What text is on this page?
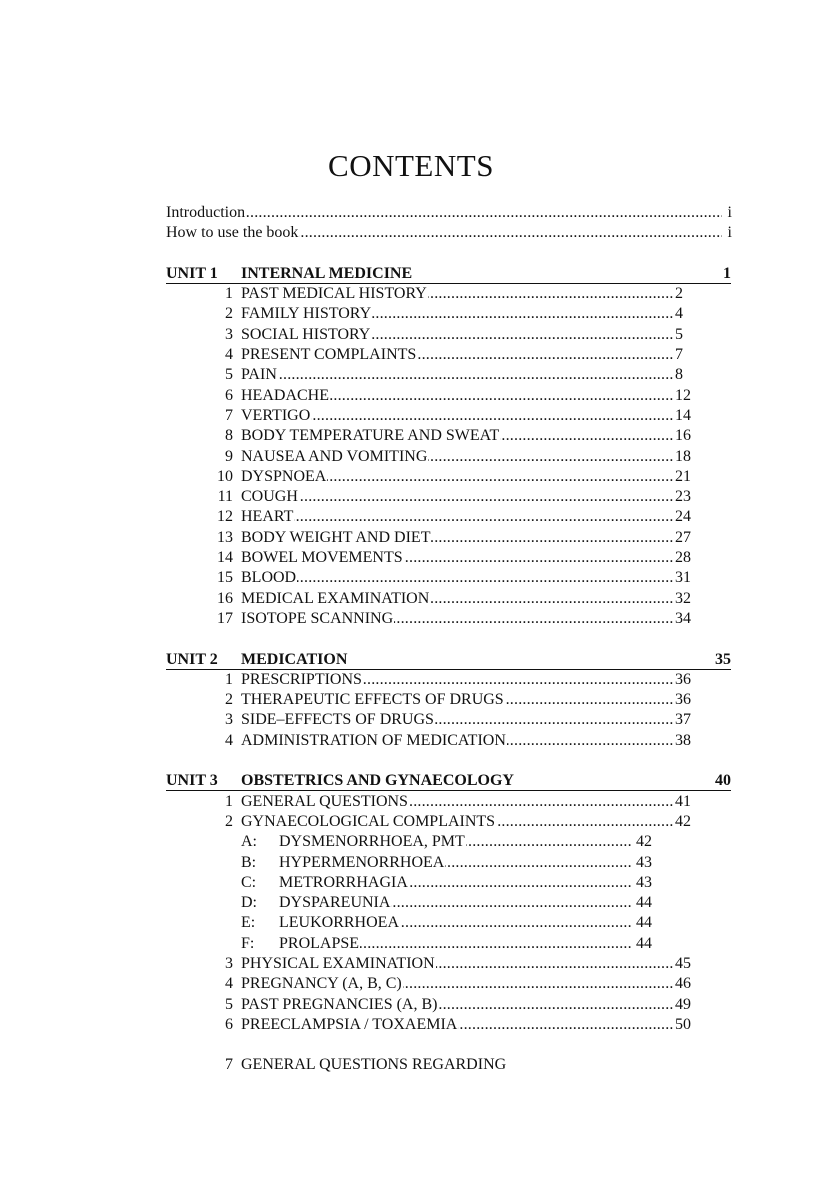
CONTENTS
Introduction .....	i
How to use the book .....	i
UNIT 1 INTERNAL MEDICINE	1
1 PAST MEDICAL HISTORY .....	2
2 FAMILY HISTORY .....	4
3 SOCIAL HISTORY .....	5
4 PRESENT COMPLAINTS .....	7
5 PAIN .....	8
6 HEADACHE .....	12
7 VERTIGO .....	14
8 BODY TEMPERATURE AND SWEAT .....	16
9 NAUSEA AND VOMITING .....	18
10 DYSPNOEA .....	21
11 COUGH .....	23
12 HEART .....	24
13 BODY WEIGHT AND DIET .....	27
14 BOWEL MOVEMENTS .....	28
15 BLOOD .....	31
16 MEDICAL EXAMINATION .....	32
17 ISOTOPE SCANNING .....	34
UNIT 2 MEDICATION	35
1 PRESCRIPTIONS .....	36
2 THERAPEUTIC EFFECTS OF DRUGS .....	36
3 SIDE–EFFECTS OF DRUGS .....	37
4 ADMINISTRATION OF MEDICATION .....	38
UNIT 3 OBSTETRICS AND GYNAECOLOGY	40
1 GENERAL QUESTIONS .....	41
2 GYNAECOLOGICAL COMPLAINTS .....	42
A: DYSMENORRHOEA, PMT .....	42
B: HYPERMENORRHOEA .....	43
C: METRORRHAGIA .....	43
D: DYSPAREUNIA .....	44
E: LEUKORRHOEA .....	44
F: PROLAPSE .....	44
3 PHYSICAL EXAMINATION .....	45
4 PREGNANCY (A, B, C) .....	46
5 PAST PREGNANCIES (A, B) .....	49
6 PREECLAMPSIA / TOXAEMIA .....	50
7 GENERAL QUESTIONS REGARDING
